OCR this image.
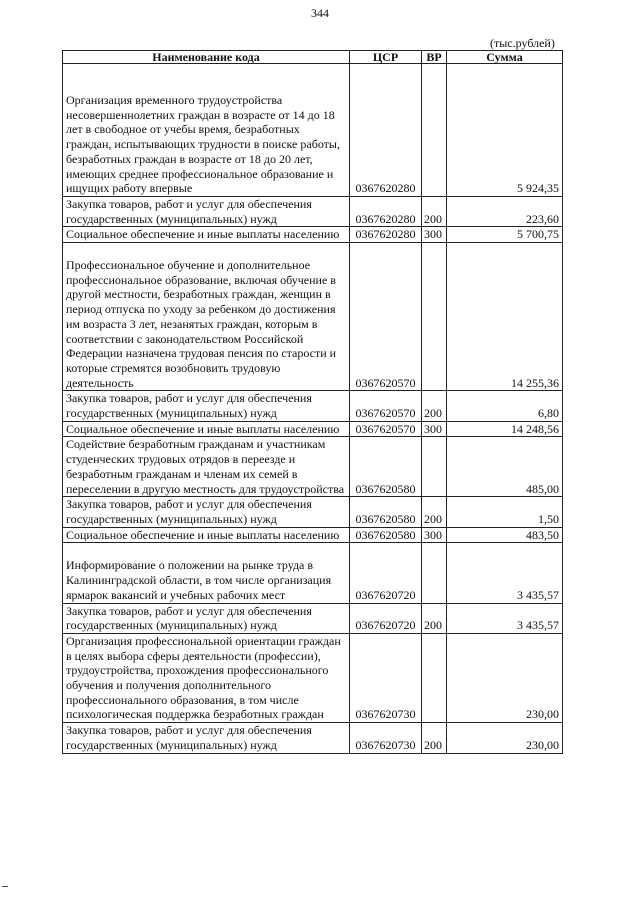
344
(тыс.рублей)
Наименование кода	ЦСР	ВР	Сумма
Организация временного трудоустройства несовершеннолетних граждан в возрасте от 14 до 18 лет в свободное от учебы время, безработных граждан, испытывающих трудности в поиске работы, безработных граждан в возрасте от 18 до 20 лет, имеющих среднее профессиональное образование и ищущих работу впервые	0367620280		5 924,35
Закупка товаров, работ и услуг для обеспечения государственных (муниципальных) нужд	0367620280	200	223,60
Социальное обеспечение и иные выплаты населению	0367620280	300	5 700,75
Профессиональное обучение и дополнительное профессиональное образование, включая обучение в другой местности, безработных граждан, женщин в период отпуска по уходу за ребенком до достижения им возраста 3 лет, незанятых граждан, которым в соответствии с законодательством Российской Федерации назначена трудовая пенсия по старости и которые стремятся возобновить трудовую деятельность	0367620570		14 255,36
Закупка товаров, работ и услуг для обеспечения государственных (муниципальных) нужд	0367620570	200	6,80
Социальное обеспечение и иные выплаты населению	0367620570	300	14 248,56
Содействие безработным гражданам и участникам студенческих трудовых отрядов в переезде и безработным гражданам и членам их семей в переселении в другую местность для трудоустройства	0367620580		485,00
Закупка товаров, работ и услуг для обеспечения государственных (муниципальных) нужд	0367620580	200	1,50
Социальное обеспечение и иные выплаты населению	0367620580	300	483,50
Информирование о положении на рынке труда в Калининградской области, в том числе организация ярмарок вакансий и учебных рабочих мест	0367620720		3 435,57
Закупка товаров, работ и услуг для обеспечения государственных (муниципальных) нужд	0367620720	200	3 435,57
Организация профессиональной ориентации граждан в целях выбора сферы деятельности (профессии), трудоустройства, прохождения профессионального обучения и получения дополнительного профессионального образования, в том числе психологическая поддержка безработных граждан	0367620730		230,00
Закупка товаров, работ и услуг для обеспечения государственных (муниципальных) нужд	0367620730	200	230,00
